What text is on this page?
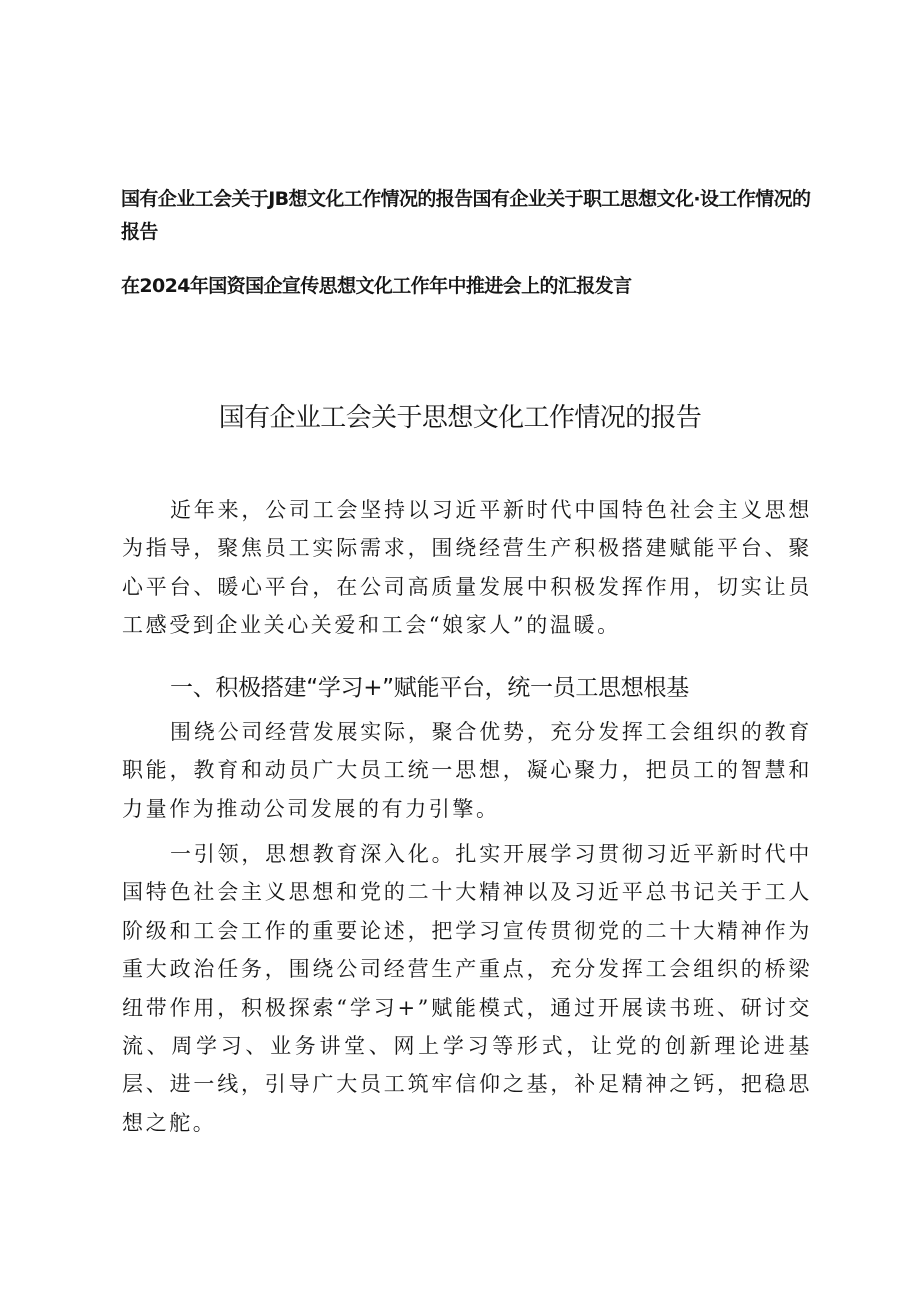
国有企业工会关于JB想文化工作情况的报告国有企业关于职工思想文化·设工作情况的报告
在2024年国资国企宣传思想文化工作年中推进会上的汇报发言
国有企业工会关于思想文化工作情况的报告

近年来，公司工会坚持以习近平新时代中国特色社会主义思想为指导，聚焦员工实际需求，围绕经营生产积极搭建赋能平台、聚心平台、暖心平台，在公司高质量发展中积极发挥作用，切实让员工感受到企业关心关爱和工会“娘家人”的温暖。

一、积极搭建“学习+”赋能平台，统一员工思想根基

围绕公司经营发展实际，聚合优势，充分发挥工会组织的教育职能，教育和动员广大员工统一思想，凝心聚力，把员工的智慧和力量作为推动公司发展的有力引擎。

一引领，思想教育深入化。扎实开展学习贯彻习近平新时代中国特色社会主义思想和党的二十大精神以及习近平总书记关于工人阶级和工会工作的重要论述，把学习宣传贯彻党的二十大精神作为重大政治任务，围绕公司经营生产重点，充分发挥工会组织的桥梁纽带作用，积极探索“学习+”赋能模式，通过开展读书班、研讨交流、周学习、业务讲堂、网上学习等形式，让党的创新理论进基层、进一线，引导广大员工筑牢信仰之基，补足精神之钙，把稳思想之舵。
